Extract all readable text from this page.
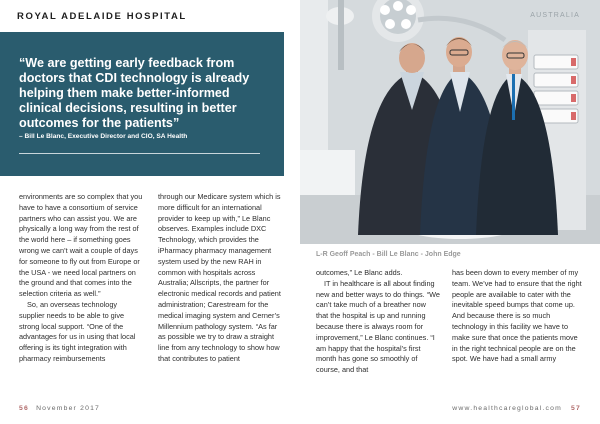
ROYAL ADELAIDE HOSPITAL
“We are getting early feedback from doctors that CDI technology is already helping them make better-informed clinical decisions, resulting in better outcomes for the patients”
– Bill Le Blanc, Executive Director and CIO, SA Health

environments are so complex that you have to have a consortium of service partners who can assist you. We are physically a long way from the rest of the world here – if something goes wrong we can’t wait a couple of days for someone to fly out from Europe or the USA - we need local partners on the ground and that comes into the selection criteria as well.”

So, an overseas technology supplier needs to be able to give strong local support. “One of the advantages for us in using that local offering is its tight integration with pharmacy reimbursements

through our Medicare system which is more difficult for an international provider to keep up with,” Le Blanc observes. Examples include DXC Technology, which provides the iPharmacy pharmacy management system used by the new RAH in common with hospitals across Australia; Allscripts, the partner for electronic medical records and patient administration; Carestream for the medical imaging system and Cerner’s Millennium pathology system. “As far as possible we try to draw a straight line from any technology to show how that contributes to patient

outcomes,” Le Blanc adds.

IT in healthcare is all about finding new and better ways to do things. “We can’t take much of a breather now that the hospital is up and running because there is always room for improvement,” Le Blanc continues. “I am happy that the hospital’s first month has gone so smoothly of course, and that

has been down to every member of my team. We’ve had to ensure that the right people are available to cater with the inevitable speed bumps that come up. And because there is so much technology in this facility we have to make sure that once the patients move in the right technical people are on the spot. We have had a small army

AUSTRALIA
L-R Geoff Peach - Bill Le Blanc - John Edge
56 November 2017	www.healthcareglobal.com 57
